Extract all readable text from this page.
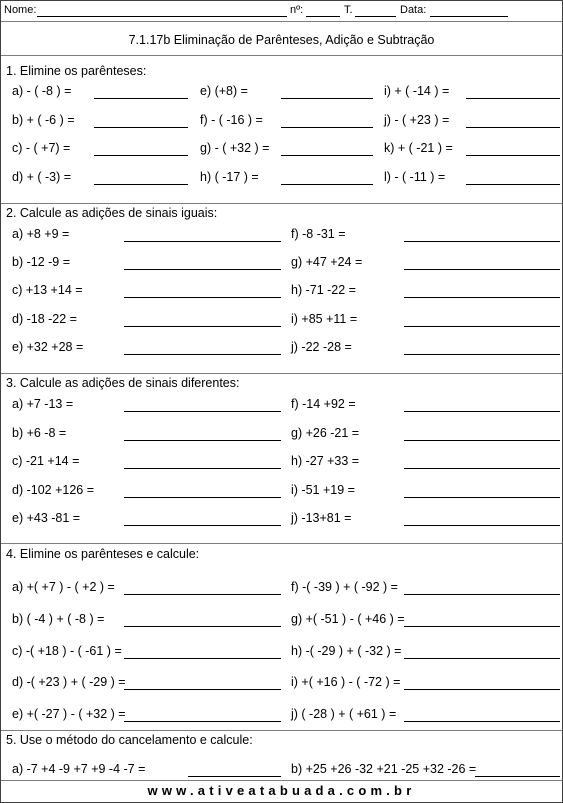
Nome:	nº:	T.	Data:
7.1.17b Eliminação de Parênteses, Adição e Subtração
1. Elimine os parênteses:
a) - ( -8 ) =	e) (+8) =	i) + ( -14 ) =
b) + ( -6 ) =	f) - ( -16 ) =	j) - ( +23 ) =
c) - ( +7) =	g) - ( +32 ) =	k) + ( -21 ) =
d) + ( -3) =	h) ( -17 ) =	l) - ( -11 ) =
2. Calcule as adições de sinais iguais:
a) +8 +9 =	f) -8 -31 =
b) -12 -9 =	g) +47 +24 =
c) +13 +14 =	h) -71 -22 =
d) -18 -22 =	i) +85 +11 =
e) +32 +28 =	j) -22 -28 =
3. Calcule as adições de sinais diferentes:
a) +7 -13 =	f) -14 +92 =
b) +6 -8 =	g) +26 -21 =
c) -21 +14 =	h) -27 +33 =
d) -102 +126 =	i) -51 +19 =
e) +43 -81 =	j) -13+81 =
4. Elimine os parênteses e calcule:
a) +( +7 ) - ( +2 ) =	f) -( -39 ) + ( -92 ) =
b) ( -4 ) + ( -8 ) =	g) +( -51 ) - ( +46 ) =
c) -( +18 ) - ( -61 ) =	h) -( -29 ) + ( -32 ) =
d) -( +23 ) + ( -29 ) =	i) +( +16 ) - ( -72 ) =
e) +( -27 ) - ( +32 ) =	j) ( -28 ) + ( +61 ) =
5. Use o método do cancelamento e calcule:
a) -7 +4 -9 +7 +9 -4 -7 =	b) +25 +26 -32 +21 -25 +32 -26 =
www.ativeatabuada.com.br
